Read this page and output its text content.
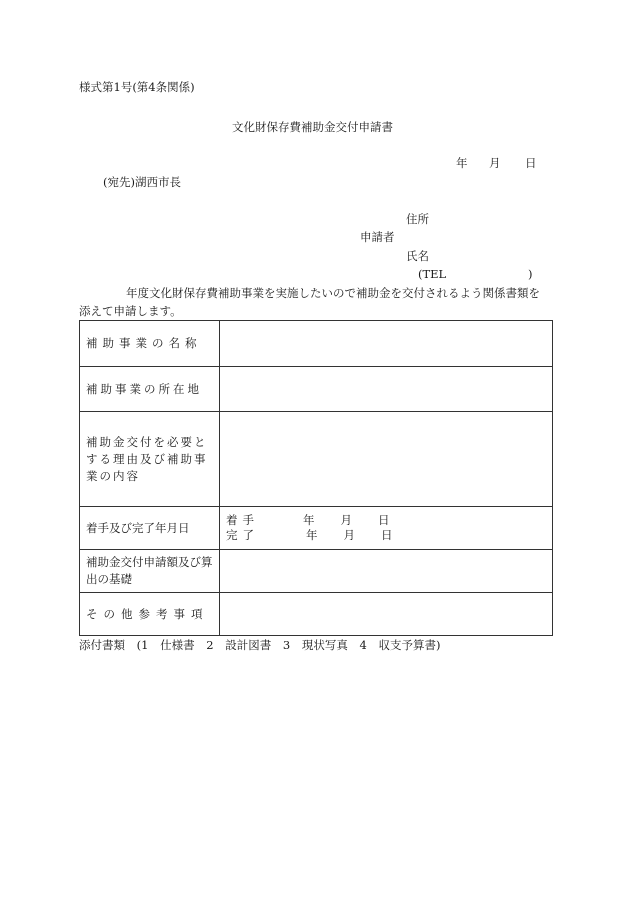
様式第1号(第4条関係)
文化財保存費補助金交付申請書
年 月 日
(宛先)湖西市長
住所
申請者
氏名
(TEL	)
年度文化財保存費補助事業を実施したいので補助金を交付されるよう関係書類を
添えて申請します。
補助事業の名称	
補助事業の所在地	
補助金交付を必要とする理由及び補助事業の内容	
着手及び完了年月日	着手 年 月 日
完了 年 月 日

補助金交付申請額及び算出の基礎	
その他参考事項	
添付書類 (1 仕様書 2 設計図書 3 現状写真 4 収支予算書)
